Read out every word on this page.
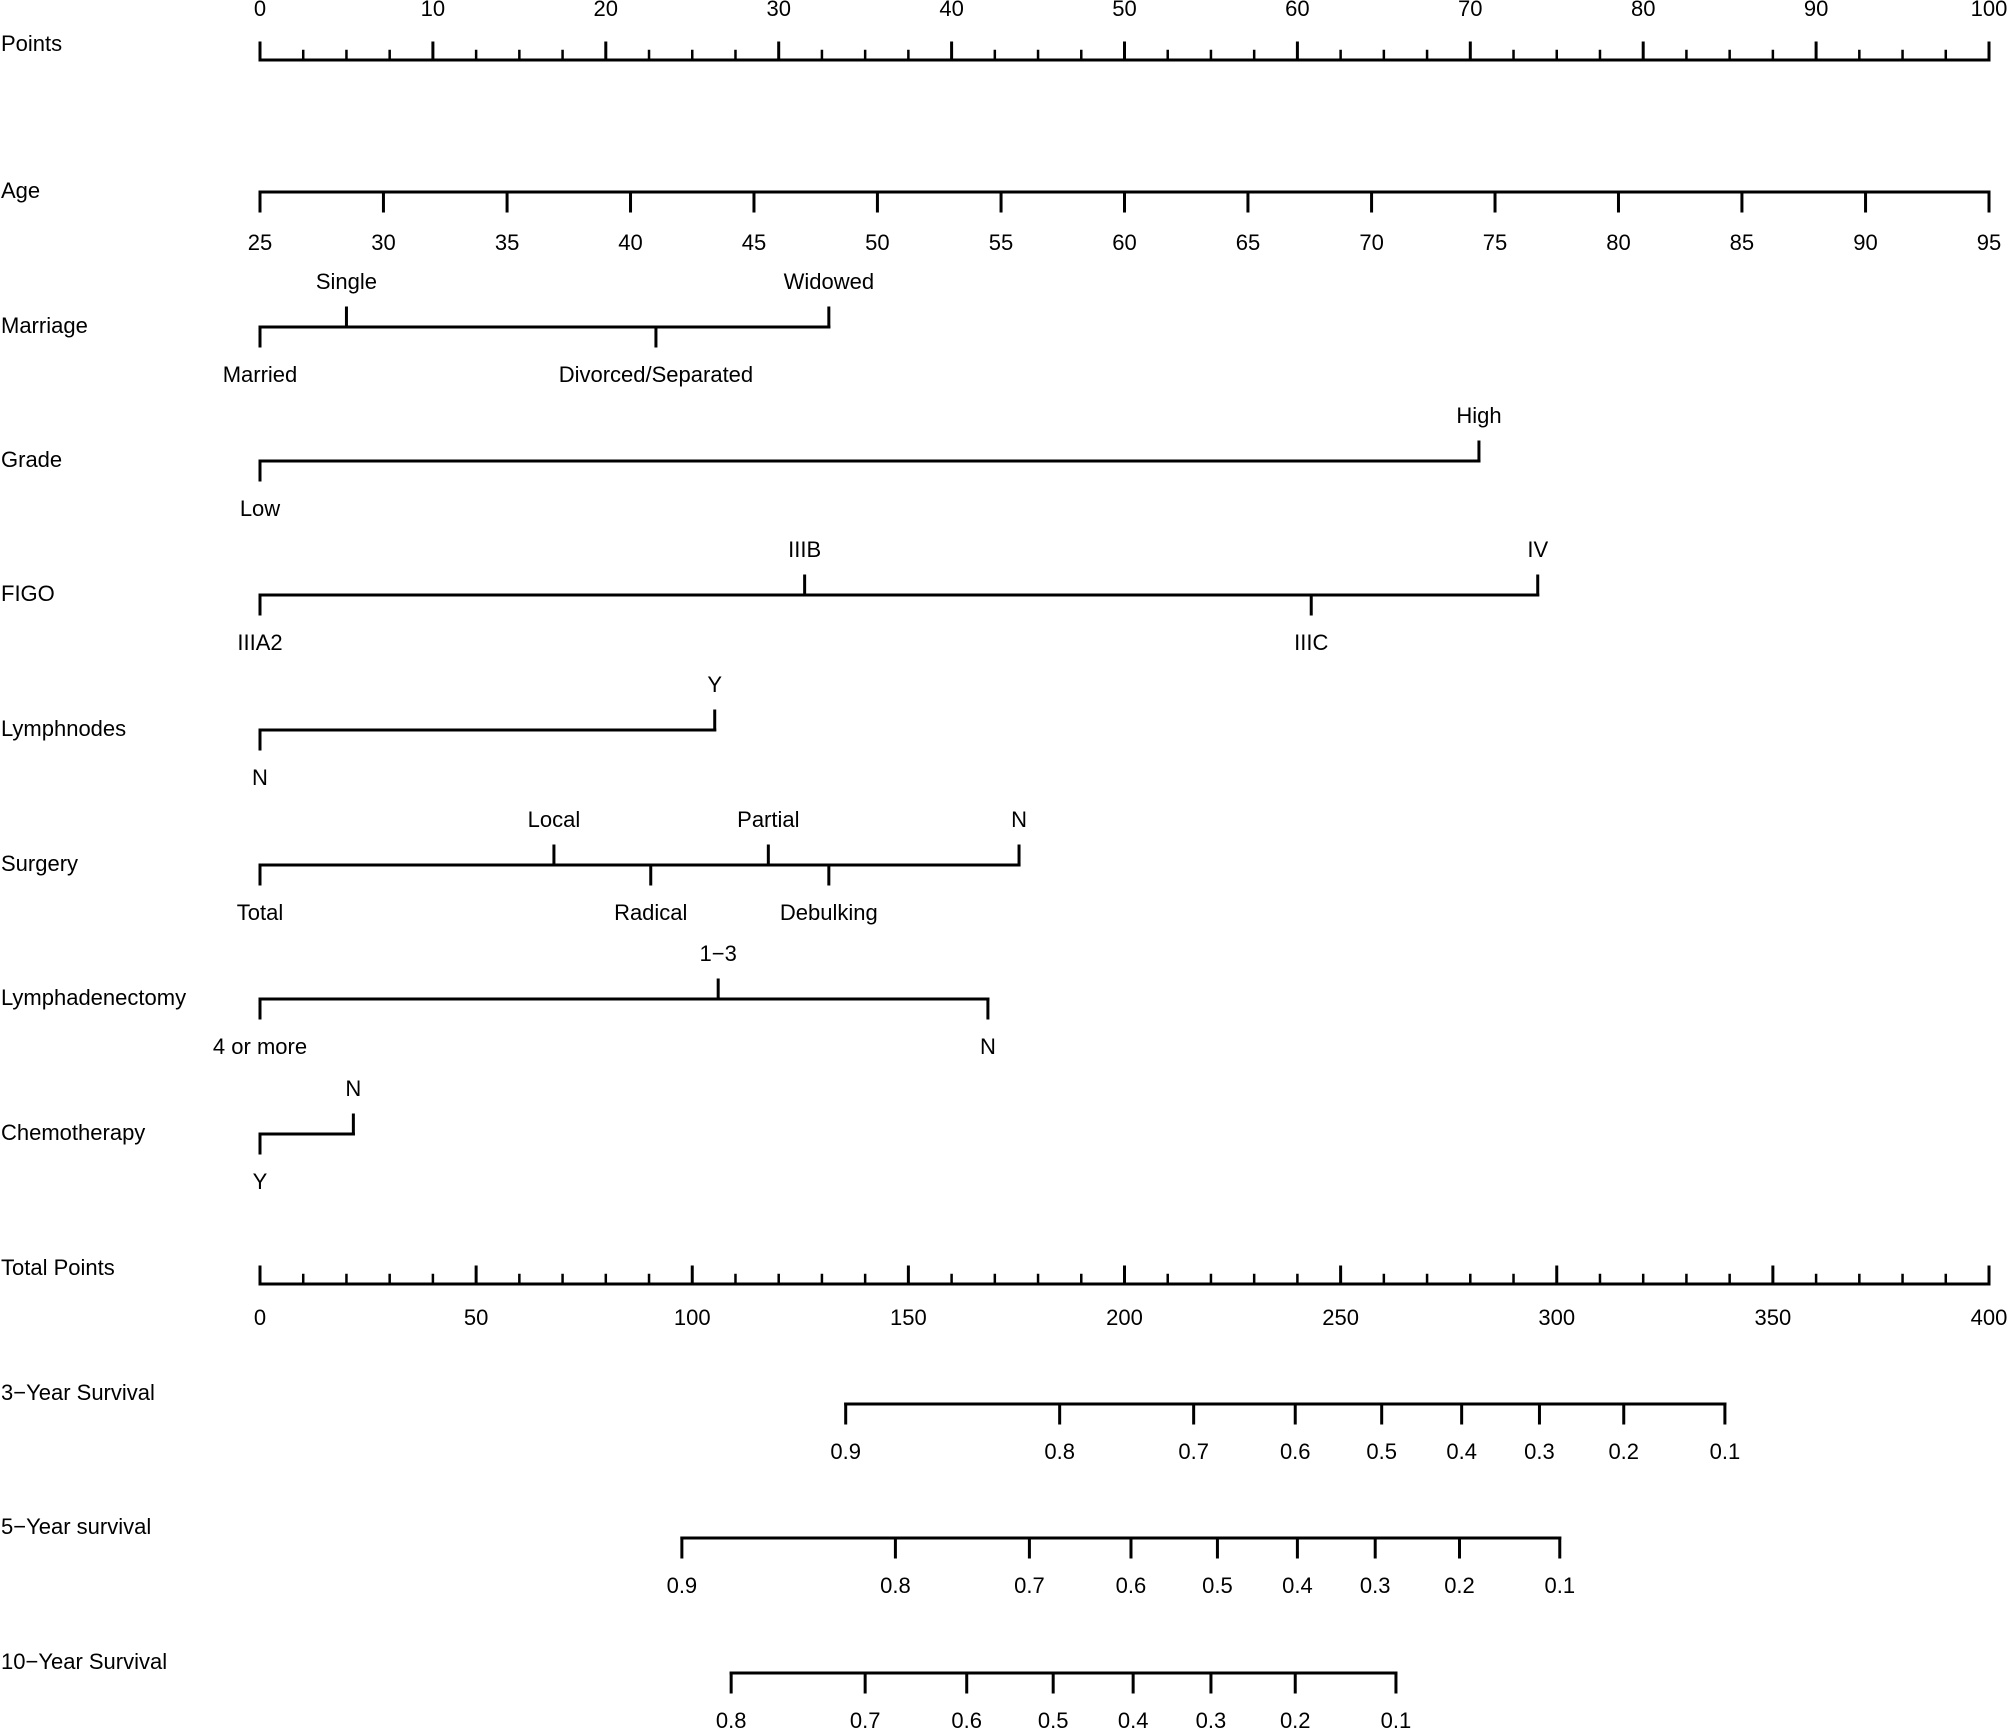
Points
0	10	20	30	40	50	60	70	80	90	100
Age
25	30	35	40	45	50	55	60	65	70	75	80	85	90	95
Marriage
Married
Single
Divorced/Separated
Widowed
Grade
Low
High
FIGO
IIIA2
IIIB
IIIC
IV
Lymphnodes
N
Y
Surgery
Total
Local
Radical
Partial
Debulking
N
Lymphadenectomy
4 or more
1−3
N
Chemotherapy
Y
N
Total Points
0	50	100	150	200	250	300	350	400
3−Year Survival
0.9	0.8	0.7	0.6	0.5 0.4 0.3 0.2	0.1
5−Year survival
0.9	0.8	0.7	0.6	0.5 0.4 0.3 0.2	0.1
10−Year Survival
0.8	0.7	0.6	0.5 0.4 0.3 0.2	0.1
